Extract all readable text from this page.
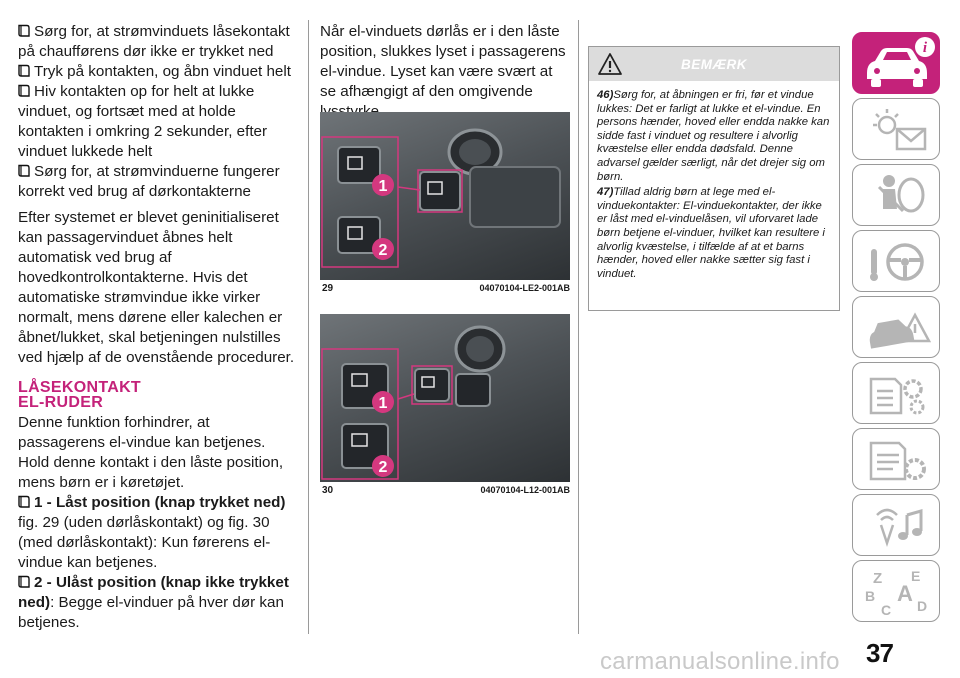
Sørg for, at strømvinduets låsekontakt på chaufførens dør ikke er trykket ned
Tryk på kontakten, og åbn vinduet helt
Hiv kontakten op for helt at lukke vinduet, og fortsæt med at holde kontakten i omkring 2 sekunder, efter vinduet lukkede helt
Sørg for, at strømvinduerne fungerer korrekt ved brug af dørkontakterne

Efter systemet er blevet geninitialiseret kan passagervinduet åbnes helt automatisk ved brug af hovedkontrolkontakterne. Hvis det automatiske strømvindue ikke virker normalt, mens dørene eller kalechen er åbnet/lukket, skal betjeningen nulstilles ved hjælp af de ovenstående procedurer.

LÅSEKONTAKT
EL-RUDER

Denne funktion forhindrer, at passagerens el-vindue kan betjenes. Hold denne kontakt i den låste position, mens børn er i køretøjet.

1 - Låst position (knap trykket ned) fig. 29 (uden dørlåskontakt) og fig. 30 (med dørlåskontakt): Kun førerens el-vindue kan betjenes.
2 - Ulåst position (knap ikke trykket ned): Begge el-vinduer på hver dør kan betjenes.

Når el-vinduets dørlås er i den låste position, slukkes lyset i passagerens el-vindue. Lyset kan være svært at se afhængigt af den omgivende

1
2
29	04070104-LE2-001AB
1
2
30	04070104-L12-001AB
BEMÆRK

46)Sørg for, at åbningen er fri, før et vindue lukkes: Det er farligt at lukke et el-vindue. En persons hænder, hoved eller endda nakke kan sidde fast i vinduet og resultere i alvorlig kvæstelse eller endda dødsfald. Denne advarsel gælder særligt, når det drejer sig om børn.

47)Tillad aldrig børn at lege med el-vinduekontakter: El-vinduekontakter, der ikke er låst med el-vinduelåsen, vil uforvaret lade børn betjene el-vinduer, hvilket kan resultere i alvorlig kvæstelse, i tilfælde af at et barns hænder, hoved eller nakke sætter sig fast i vinduet.

i
Z E
B A
C D
37
carmanualsonline.info
